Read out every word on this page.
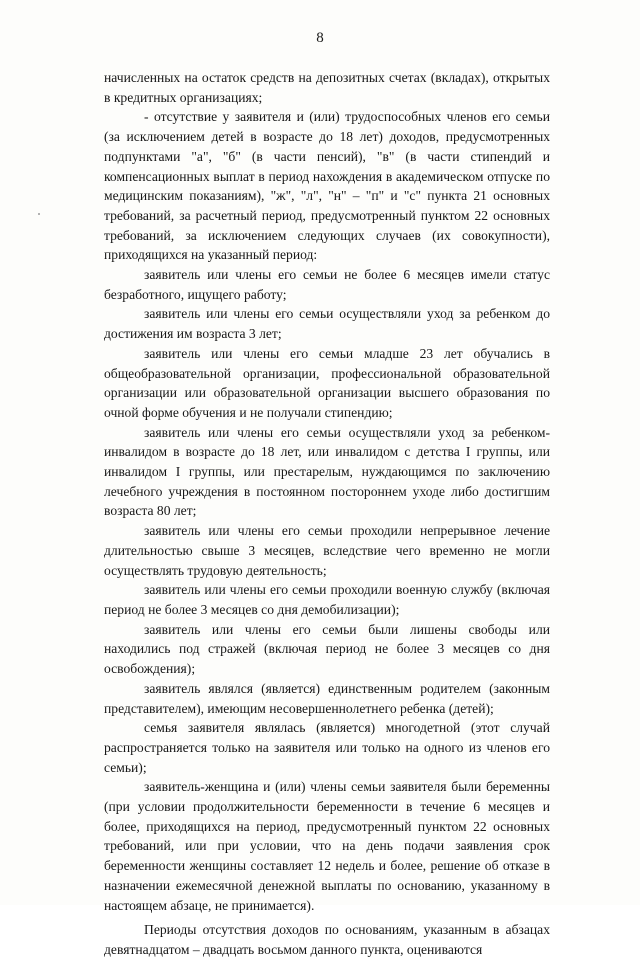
8

начисленных на остаток средств на депозитных счетах (вкладах), открытых в кредитных организациях;

- отсутствие у заявителя и (или) трудоспособных членов его семьи (за исключением детей в возрасте до 18 лет) доходов, предусмотренных подпунктами "а", "б" (в части пенсий), "в" (в части стипендий и компенсационных выплат в период нахождения в академическом отпуске по медицинским показаниям), "ж", "л", "н" – "п" и "с" пункта 21 основных требований, за расчетный период, предусмотренный пунктом 22 основных требований, за исключением следующих случаев (их совокупности), приходящихся на указанный период:

заявитель или члены его семьи не более 6 месяцев имели статус безработного, ищущего работу;

заявитель или члены его семьи осуществляли уход за ребенком до достижения им возраста 3 лет;

заявитель или члены его семьи младше 23 лет обучались в общеобразовательной организации, профессиональной образовательной организации или образовательной организации высшего образования по очной форме обучения и не получали стипендию;

заявитель или члены его семьи осуществляли уход за ребенком-инвалидом в возрасте до 18 лет, или инвалидом с детства I группы, или инвалидом I группы, или престарелым, нуждающимся по заключению лечебного учреждения в постоянном постороннем уходе либо достигшим возраста 80 лет;

заявитель или члены его семьи проходили непрерывное лечение длительностью свыше 3 месяцев, вследствие чего временно не могли осуществлять трудовую деятельность;

заявитель или члены его семьи проходили военную службу (включая период не более 3 месяцев со дня демобилизации);

заявитель или члены его семьи были лишены свободы или находились под стражей (включая период не более 3 месяцев со дня освобождения);

заявитель являлся (является) единственным родителем (законным представителем), имеющим несовершеннолетнего ребенка (детей);

семья заявителя являлась (является) многодетной (этот случай распространяется только на заявителя или только на одного из членов его семьи);

заявитель-женщина и (или) члены семьи заявителя были беременны (при условии продолжительности беременности в течение 6 месяцев и более, приходящихся на период, предусмотренный пунктом 22 основных требований, или при условии, что на день подачи заявления срок беременности женщины составляет 12 недель и более, решение об отказе в назначении ежемесячной денежной выплаты по основанию, указанному в настоящем абзаце, не принимается).

Периоды отсутствия доходов по основаниям, указанным в абзацах девятнадцатом – двадцать восьмом данного пункта, оцениваются
